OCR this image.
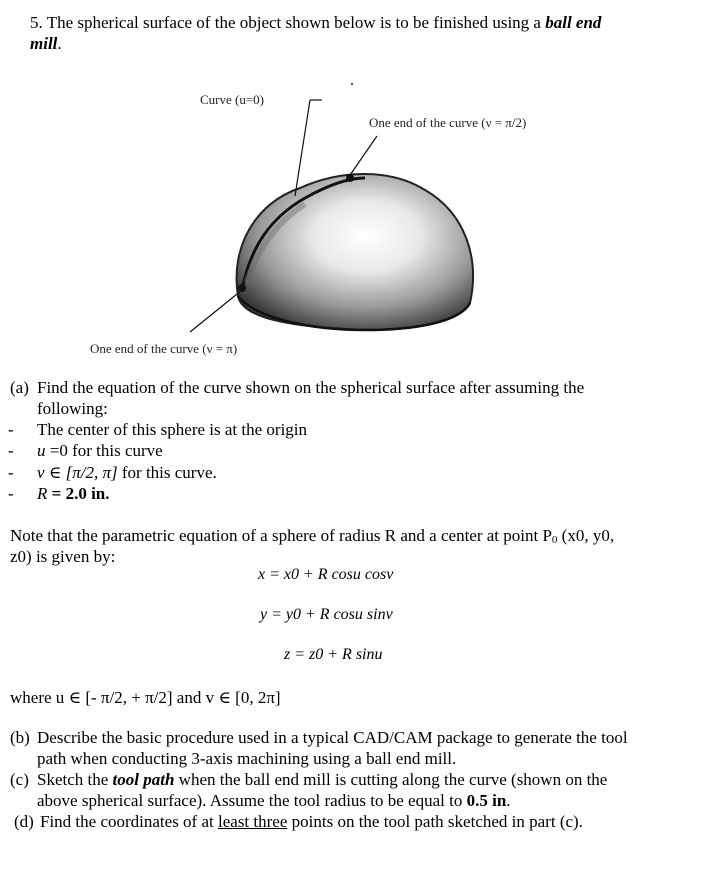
5. The spherical surface of the object shown below is to be finished using a ball end
mill.
Curve (u=0)
One end of the curve (ν = π/2)
One end of the curve (ν = π)
(a) Find the equation of the curve shown on the spherical surface after assuming the
following:
- The center of this sphere is at the origin
- u =0 for this curve
- v ∈ [π/2, π] for this curve.
- R = 2.0 in.
Note that the parametric equation of a sphere of radius R and a center at point P0 (x0, y0,
z0) is given by:
x = x0 + R cosu cosv
y = y0 + R cosu sinv
z = z0 + R sinu
where u ∈ [- π/2, + π/2] and v ∈ [0, 2π]
(b) Describe the basic procedure used in a typical CAD/CAM package to generate the tool
path when conducting 3-axis machining using a ball end mill.
(c) Sketch the tool path when the ball end mill is cutting along the curve (shown on the
above spherical surface). Assume the tool radius to be equal to 0.5 in.
(d) Find the coordinates of at least three points on the tool path sketched in part (c).
